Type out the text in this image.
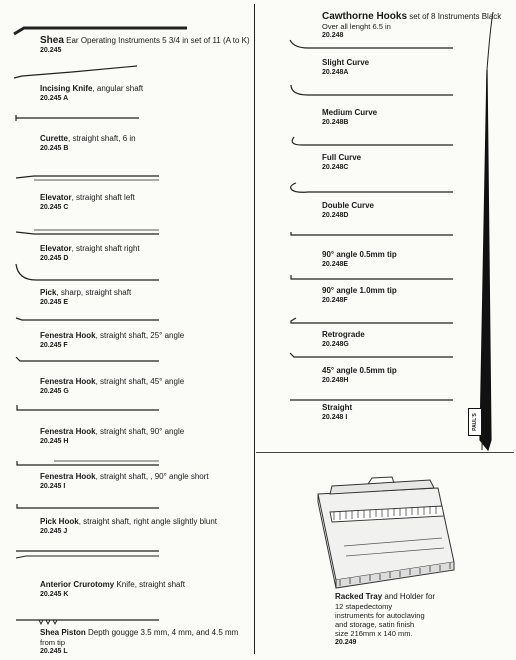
Shea Ear Operating Instruments 5 3/4 in set of 11 (A to K)
20.245
Incising Knife, angular shaft
20.245 A
Curette, straight shaft, 6 in
20.245 B
Elevator, straight shaft left
20.245 C
Elevator, straight shaft right
20.245 D
Pick, sharp, straight shaft
20.245 E
Fenestra Hook, straight shaft, 25° angle
20.245 F
Fenestra Hook, straight shaft, 45° angle
20.245 G
Fenestra Hook, straight shaft, 90° angle
20.245 H
Fenestra Hook, straight shaft, , 90° angle short
20.245 I
Pick Hook, straight shaft, right angle slightly blunt
20.245 J
Anterior Crurotomy Knife, straight shaft
20.245 K
Shea Piston Depth gougge 3.5 mm, 4 mm, and 4.5 mm
from tip
20.245 L
Cawthorne Hooks set of 8 Instruments Black
Over all lenght 6.5 in
20.248
Slight Curve
20.248A
Medium Curve
20.248B
Full Curve
20.248C
Double Curve
20.248D
90° angle 0.5mm tip
20.248E
90° angle 1.0mm tip
20.248F
Retrograde
20.248G
45° angle 0.5mm tip
20.248H
Straight
20.248 I	PAUL'S
Racked Tray and Holder for
12 stapedectomy
instruments for autoclaving
and storage, satin finish
size 216mm x 140 mm.
20.249
